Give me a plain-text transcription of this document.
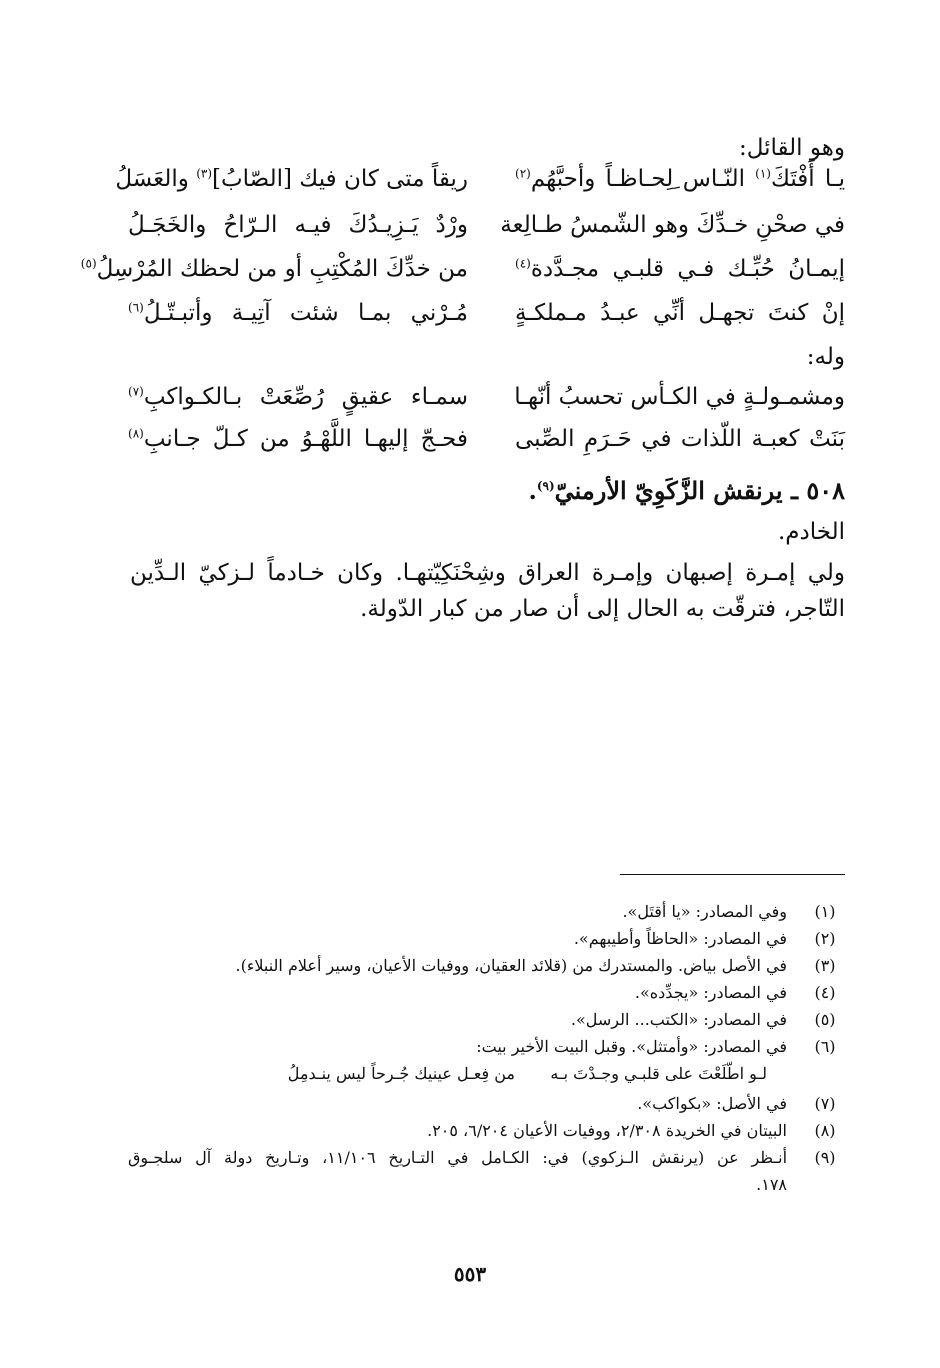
وهو القائل:
يـا أَفْتَكَ$^{(١)}$ النّـاس ِلِحـاظـاً وأحبَّهُم$^{(٢)}$
ريقاً متى كان فيك [الصّابُ]$^{(٣)}$ والعَسَلُ
في صحْنِ خـدِّكَ وهو الشّمسُ طـالِعة
ورْدٌ يَـزِيـدُكَ فيـه الـرّاحُ والخَجَـلُ
إيمـانُ حُبِّـك فـي قلبـي مجـدَّدة$^{(٤)}$
من خدِّكَ المُكْتِبِ أو من لحظك المُرْسِلُ$^{(٥)}$
إنْ كنتَ تجهـل أنِّي عبـدُ مـملكـةٍ
مُـرْني بمـا شئت آتِيـة وأتبـتّـلُ$^{(٦)}$
وله:
ومشمـولـةٍ في الكـأس تحسبُ أنّهـا
سمـاء عقيقٍ رُصِّعَتْ بـالكـواكبِ$^{(٧)}$
بَنَتْ كعبـة اللّذات في حَـرَمِ الصِّبى
فحـجّ إليهـا اللَّهْـوُ من كـلّ جـانبِ$^{(٨)}$
٥٠٨ ـ يرنقش الزَّكَوِيّ الأرمنيّ$^{(٩)}$.
الخادم.
ولي إمـرة إصبهان وإمـرة العراق وشِحْنَكِيّتهـا. وكان خـادماً لـزكيّ الـدِّين
التّاجر، فترقّت به الحال إلى أن صار من كبار الدّولة.
(١)
وفي المصادر: «يا أقتَل».
(٢)
في المصادر: «الحاظاً وأطيبهم».
(٣)
في الأصل بياض. والمستدرك من (قلائد العقيان، ووفيات الأعيان، وسير أعلام النبلاء).
(٤)
في المصادر: «يجدِّده».
(٥)
في المصادر: «الكتب... الرسل».
(٦)
في المصادر: «وأمتثل». وقبل البيت الأخير بيت:
لـو اطّلَعْتَ على قلبـي وجـدْتَ بـه
من فِعـل عينيك جُـرحاً ليس ينـدمِلُ
(٧)
في الأصل: «بكواكب».
(٨)
البيتان في الخريدة ٢/٣٠٨، ووفيات الأعيان ٦/٢٠٤، ٢٠٥.
(٩)
أنـظر عن (يرنقش الـزكوي) في: الكـامل في التـاريخ ١١/١٠٦، وتـاريخ دولة آل سلجـوق
١٧٨.
٥٥٣
